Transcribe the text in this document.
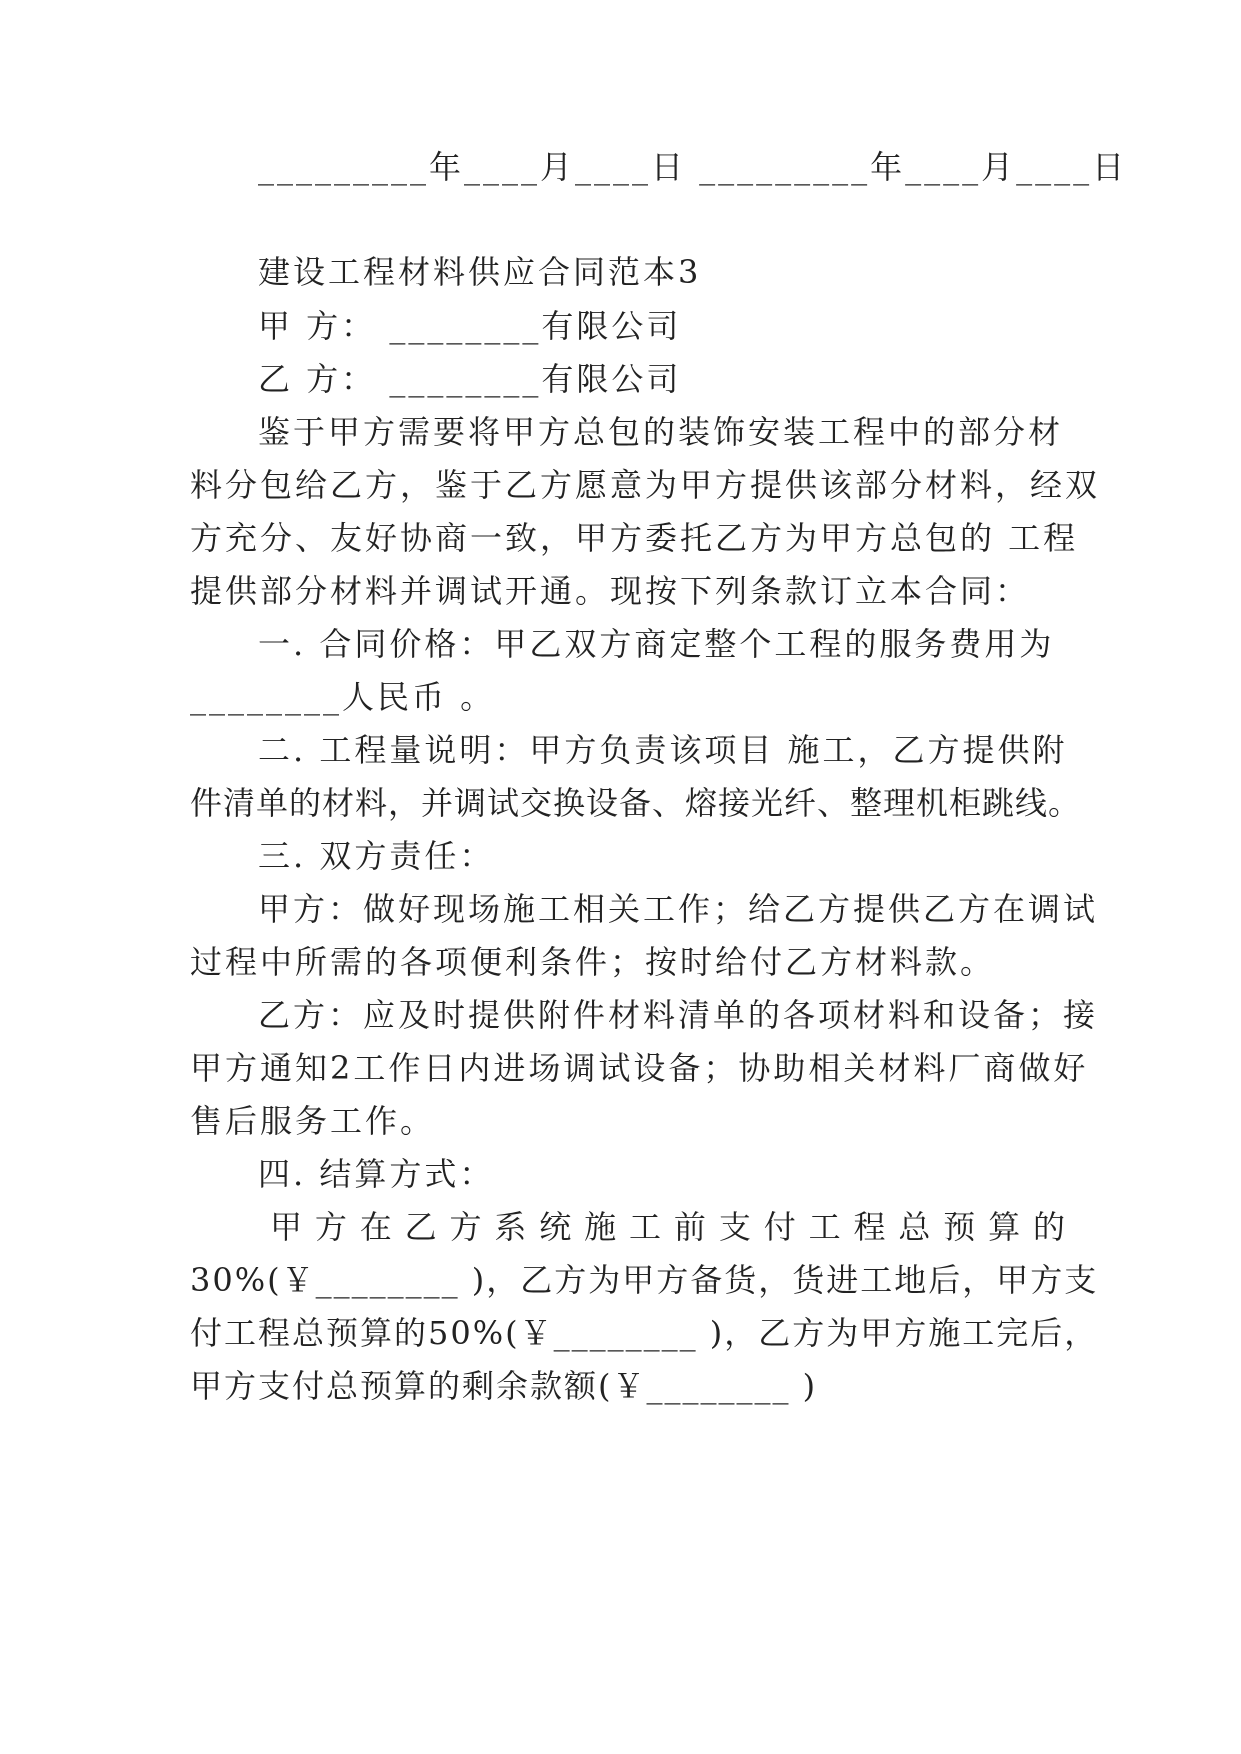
_________年____月____日 _________年____月____日
建设工程材料供应合同范本3
甲 方： ________有限公司
乙 方： ________有限公司
鉴于甲方需要将甲方总包的装饰安装工程中的部分材
料分包给乙方，鉴于乙方愿意为甲方提供该部分材料，经双
方充分、友好协商一致，甲方委托乙方为甲方总包的 工程
提供部分材料并调试开通。现按下列条款订立本合同：
一. 合同价格：甲乙双方商定整个工程的服务费用为
________人民币 。
二. 工程量说明：甲方负责该项目 施工，乙方提供附
件清单的材料，并调试交换设备、熔接光纤、整理机柜跳线。
三. 双方责任：
甲方：做好现场施工相关工作；给乙方提供乙方在调试
过程中所需的各项便利条件；按时给付乙方材料款。
乙方：应及时提供附件材料清单的各项材料和设备；接
甲方通知2工作日内进场调试设备；协助相关材料厂商做好
售后服务工作。
四. 结算方式：
甲方在乙方系统施工前支付工程总预算的
30%(￥________ )，乙方为甲方备货，货进工地后，甲方支
付工程总预算的50%(￥________ )，乙方为甲方施工完后，
甲方支付总预算的剩余款额(￥________ )
